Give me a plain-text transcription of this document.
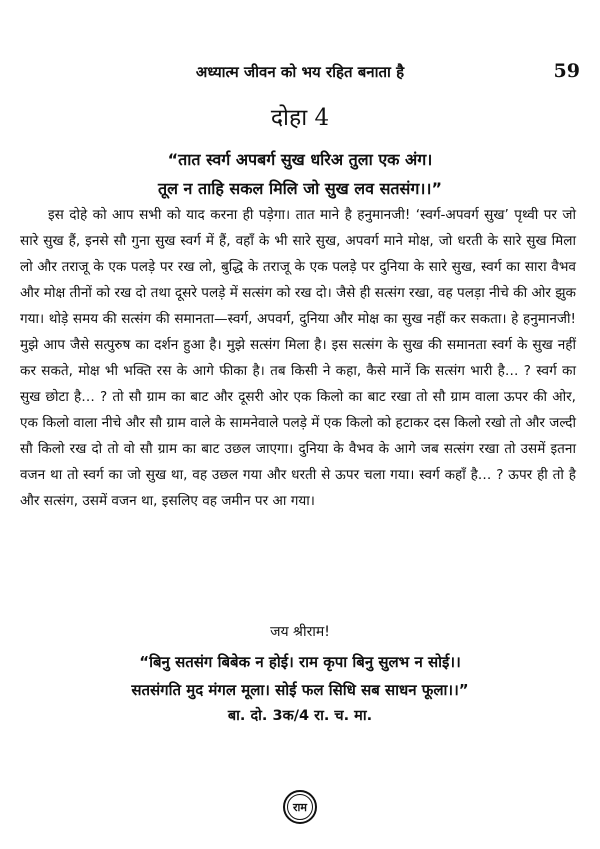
अध्यात्म जीवन को भय रहित बनाता है	59
दोहा 4
“तात स्वर्ग अपबर्ग सुख धरिअ तुला एक अंग।
तूल न ताहि सकल मिलि जो सुख लव सतसंग।।”

इस दोहे को आप सभी को याद करना ही पड़ेगा। तात माने है हनुमानजी! ‘स्वर्ग-अपवर्ग सुख’ पृथ्वी पर जो सारे सुख हैं, इनसे सौ गुना सुख स्वर्ग में हैं, वहाँ के भी सारे सुख, अपवर्ग माने मोक्ष, जो धरती के सारे सुख मिला लो और तराजू के एक पलड़े पर रख लो, बुद्धि के तराजू के एक पलड़े पर दुनिया के सारे सुख, स्वर्ग का सारा वैभव और मोक्ष तीनों को रख दो तथा दूसरे पलड़े में सत्संग को रख दो। जैसे ही सत्संग रखा, वह पलड़ा नीचे की ओर झुक गया। थोड़े समय की सत्संग की समानता—स्वर्ग, अपवर्ग, दुनिया और मोक्ष का सुख नहीं कर सकता। हे हनुमानजी! मुझे आप जैसे सत्पुरुष का दर्शन हुआ है। मुझे सत्संग मिला है। इस सत्संग के सुख की समानता स्वर्ग के सुख नहीं कर सकते, मोक्ष भी भक्ति रस के आगे फीका है। तब किसी ने कहा, कैसे मानें कि सत्संग भारी है… ? स्वर्ग का सुख छोटा है… ? तो सौ ग्राम का बाट और दूसरी ओर एक किलो का बाट रखा तो सौ ग्राम वाला ऊपर की ओर, एक किलो वाला नीचे और सौ ग्राम वाले के सामनेवाले पलड़े में एक किलो को हटाकर दस किलो रखो तो और जल्दी सौ किलो रख दो तो वो सौ ग्राम का बाट उछल जाएगा। दुनिया के वैभव के आगे जब सत्संग रखा तो उसमें इतना वजन था तो स्वर्ग का जो सुख था, वह उछल गया और धरती से ऊपर चला गया। स्वर्ग कहाँ है… ? ऊपर ही तो है और सत्संग, उसमें वजन था, इसलिए वह जमीन पर आ गया।

जय श्रीराम!
“बिनु सतसंग बिबेक न होई। राम कृपा बिनु सुलभ न सोई।।
सतसंगति मुद मंगल मूला। सोई फल सिधि सब साधन फूला।।”
बा. दो. 3क/4 रा. च. मा.
राम
